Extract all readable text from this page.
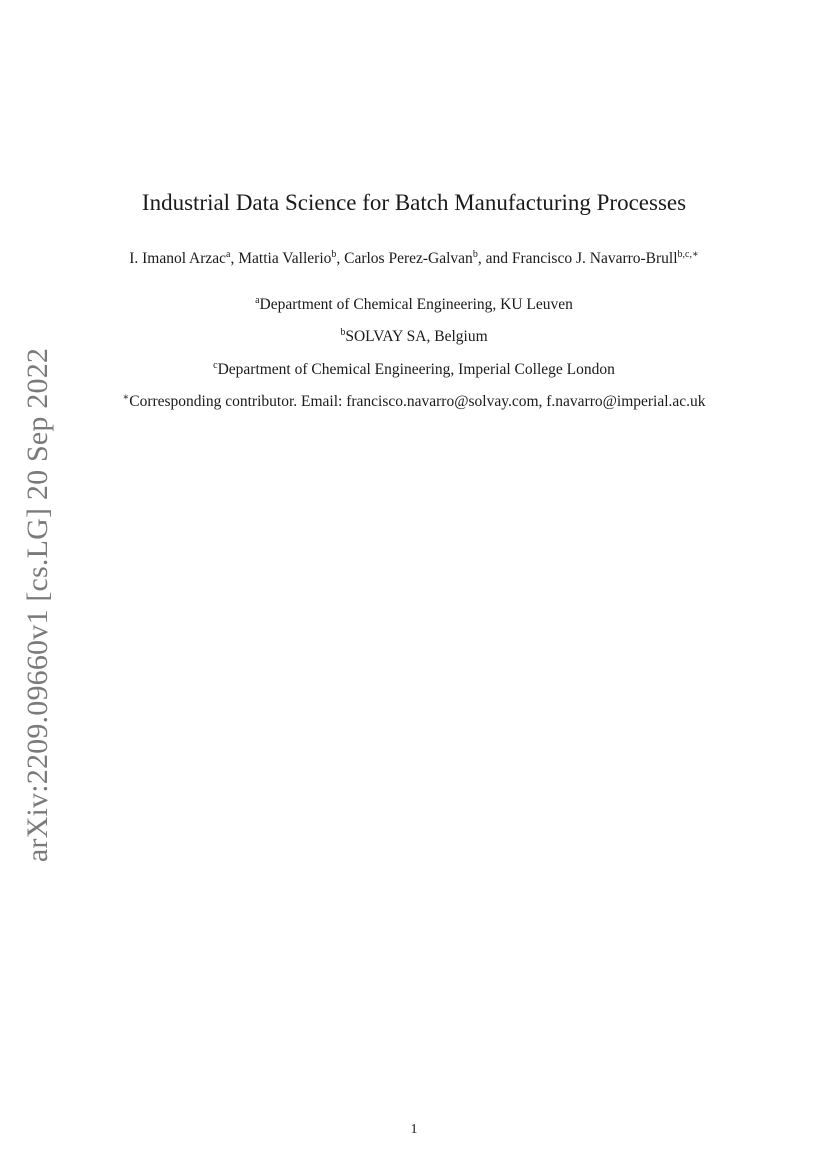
arXiv:2209.09660v1 [cs.LG] 20 Sep 2022
Industrial Data Science for Batch Manufacturing Processes
I. Imanol Arzac$^a$, Mattia Vallerio$^b$, Carlos Perez-Galvan$^b$, and Francisco J. Navarro-Brull$^{b,c,∗}$
$^a$Department of Chemical Engineering, KU Leuven
$^b$SOLVAY SA, Belgium
$^c$Department of Chemical Engineering, Imperial College London
∗Corresponding contributor. Email: francisco.navarro@solvay.com, f.navarro@imperial.ac.uk
1
